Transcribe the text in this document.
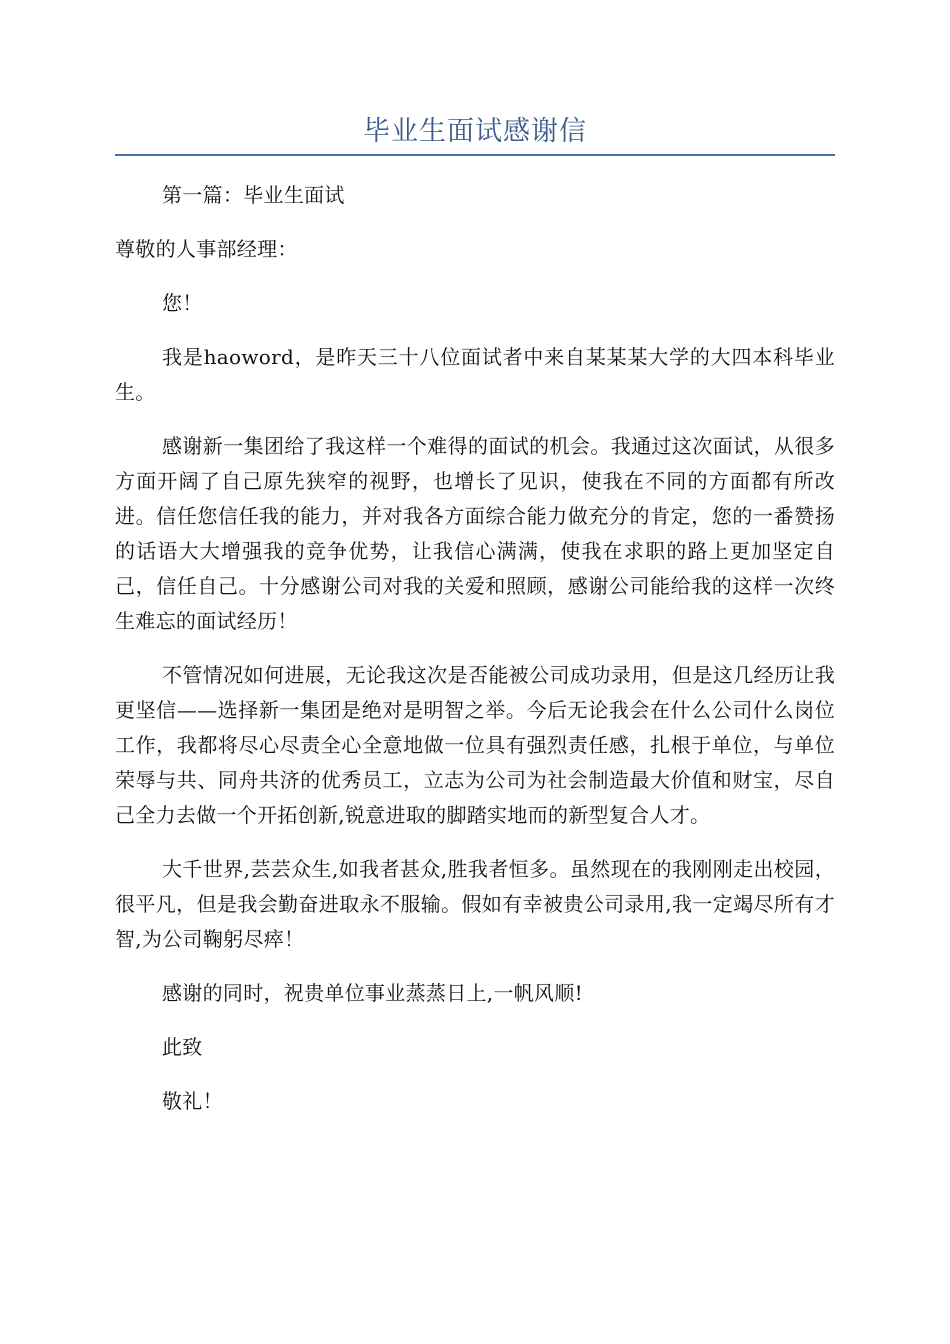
毕业生面试感谢信

第一篇：毕业生面试

尊敬的人事部经理：

您！

我是haoword，是昨天三十八位面试者中来自某某某大学的大四本科毕业生。

感谢新一集团给了我这样一个难得的面试的机会。我通过这次面试，从很多方面开阔了自己原先狭窄的视野，也增长了见识，使我在不同的方面都有所改进。信任您信任我的能力，并对我各方面综合能力做充分的肯定，您的一番赞扬的话语大大增强我的竞争优势，让我信心满满，使我在求职的路上更加坚定自己，信任自己。十分感谢公司对我的关爱和照顾，感谢公司能给我的这样一次终生难忘的面试经历！

不管情况如何进展，无论我这次是否能被公司成功录用，但是这几经历让我更坚信——选择新一集团是绝对是明智之举。今后无论我会在什么公司什么岗位工作，我都将尽心尽责全心全意地做一位具有强烈责任感，扎根于单位，与单位荣辱与共、同舟共济的优秀员工，立志为公司为社会制造最大价值和财宝，尽自己全力去做一个开拓创新,锐意进取的脚踏实地而的新型复合人才。

大千世界,芸芸众生,如我者甚众,胜我者恒多。虽然现在的我刚刚走出校园，很平凡，但是我会勤奋进取永不服输。假如有幸被贵公司录用,我一定竭尽所有才智,为公司鞠躬尽瘁！

感谢的同时，祝贵单位事业蒸蒸日上,一帆风顺!

此致

敬礼！
